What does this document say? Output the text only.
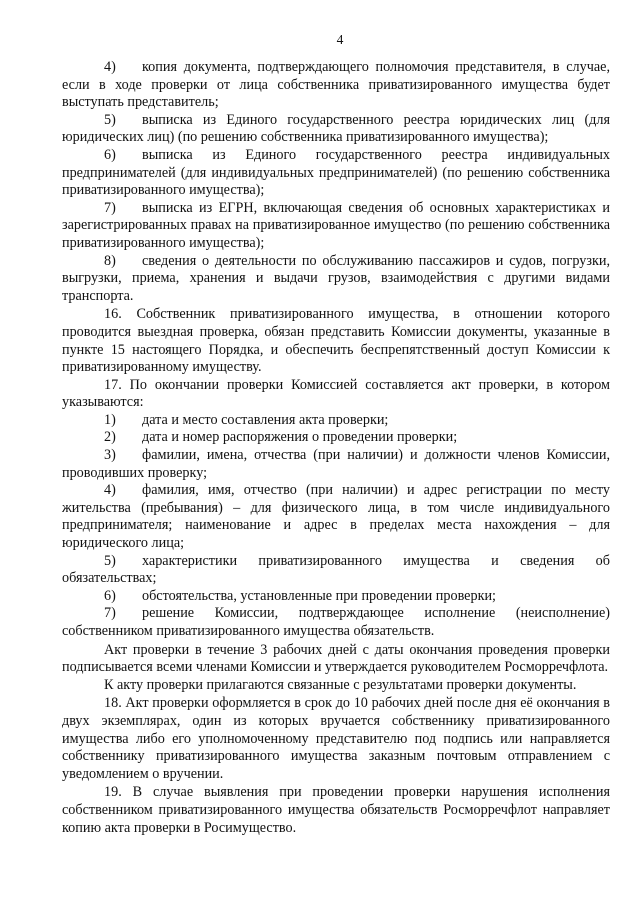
4

4) копия документа, подтверждающего полномочия представителя, в случае, если в ходе проверки от лица собственника приватизированного имущества будет выступать представитель;

5) выписка из Единого государственного реестра юридических лиц (для юридических лиц) (по решению собственника приватизированного имущества);

6) выписка из Единого государственного реестра индивидуальных предпринимателей (для индивидуальных предпринимателей) (по решению собственника приватизированного имущества);

7) выписка из ЕГРН, включающая сведения об основных характеристиках и зарегистрированных правах на приватизированное имущество (по решению собственника приватизированного имущества);

8) сведения о деятельности по обслуживанию пассажиров и судов, погрузки, выгрузки, приема, хранения и выдачи грузов, взаимодействия с другими видами транспорта.

16. Собственник приватизированного имущества, в отношении которого проводится выездная проверка, обязан представить Комиссии документы, указанные в пункте 15 настоящего Порядка, и обеспечить беспрепятственный доступ Комиссии к приватизированному имуществу.

17. По окончании проверки Комиссией составляется акт проверки, в котором указываются:

1) дата и место составления акта проверки;

2) дата и номер распоряжения о проведении проверки;

3) фамилии, имена, отчества (при наличии) и должности членов Комиссии, проводивших проверку;

4) фамилия, имя, отчество (при наличии) и адрес регистрации по месту жительства (пребывания) – для физического лица, в том числе индивидуального предпринимателя; наименование и адрес в пределах места нахождения – для юридического лица;

5) характеристики приватизированного имущества и сведения об обязательствах;

6) обстоятельства, установленные при проведении проверки;

7) решение Комиссии, подтверждающее исполнение (неисполнение) собственником приватизированного имущества обязательств.

Акт проверки в течение 3 рабочих дней с даты окончания проведения проверки подписывается всеми членами Комиссии и утверждается руководителем Росморречфлота.

К акту проверки прилагаются связанные с результатами проверки документы.

18. Акт проверки оформляется в срок до 10 рабочих дней после дня её окончания в двух экземплярах, один из которых вручается собственнику приватизированного имущества либо его уполномоченному представителю под подпись или направляется собственнику приватизированного имущества заказным почтовым отправлением с уведомлением о вручении.

19. В случае выявления при проведении проверки нарушения исполнения собственником приватизированного имущества обязательств Росморречфлот направляет копию акта проверки в Росимущество.
